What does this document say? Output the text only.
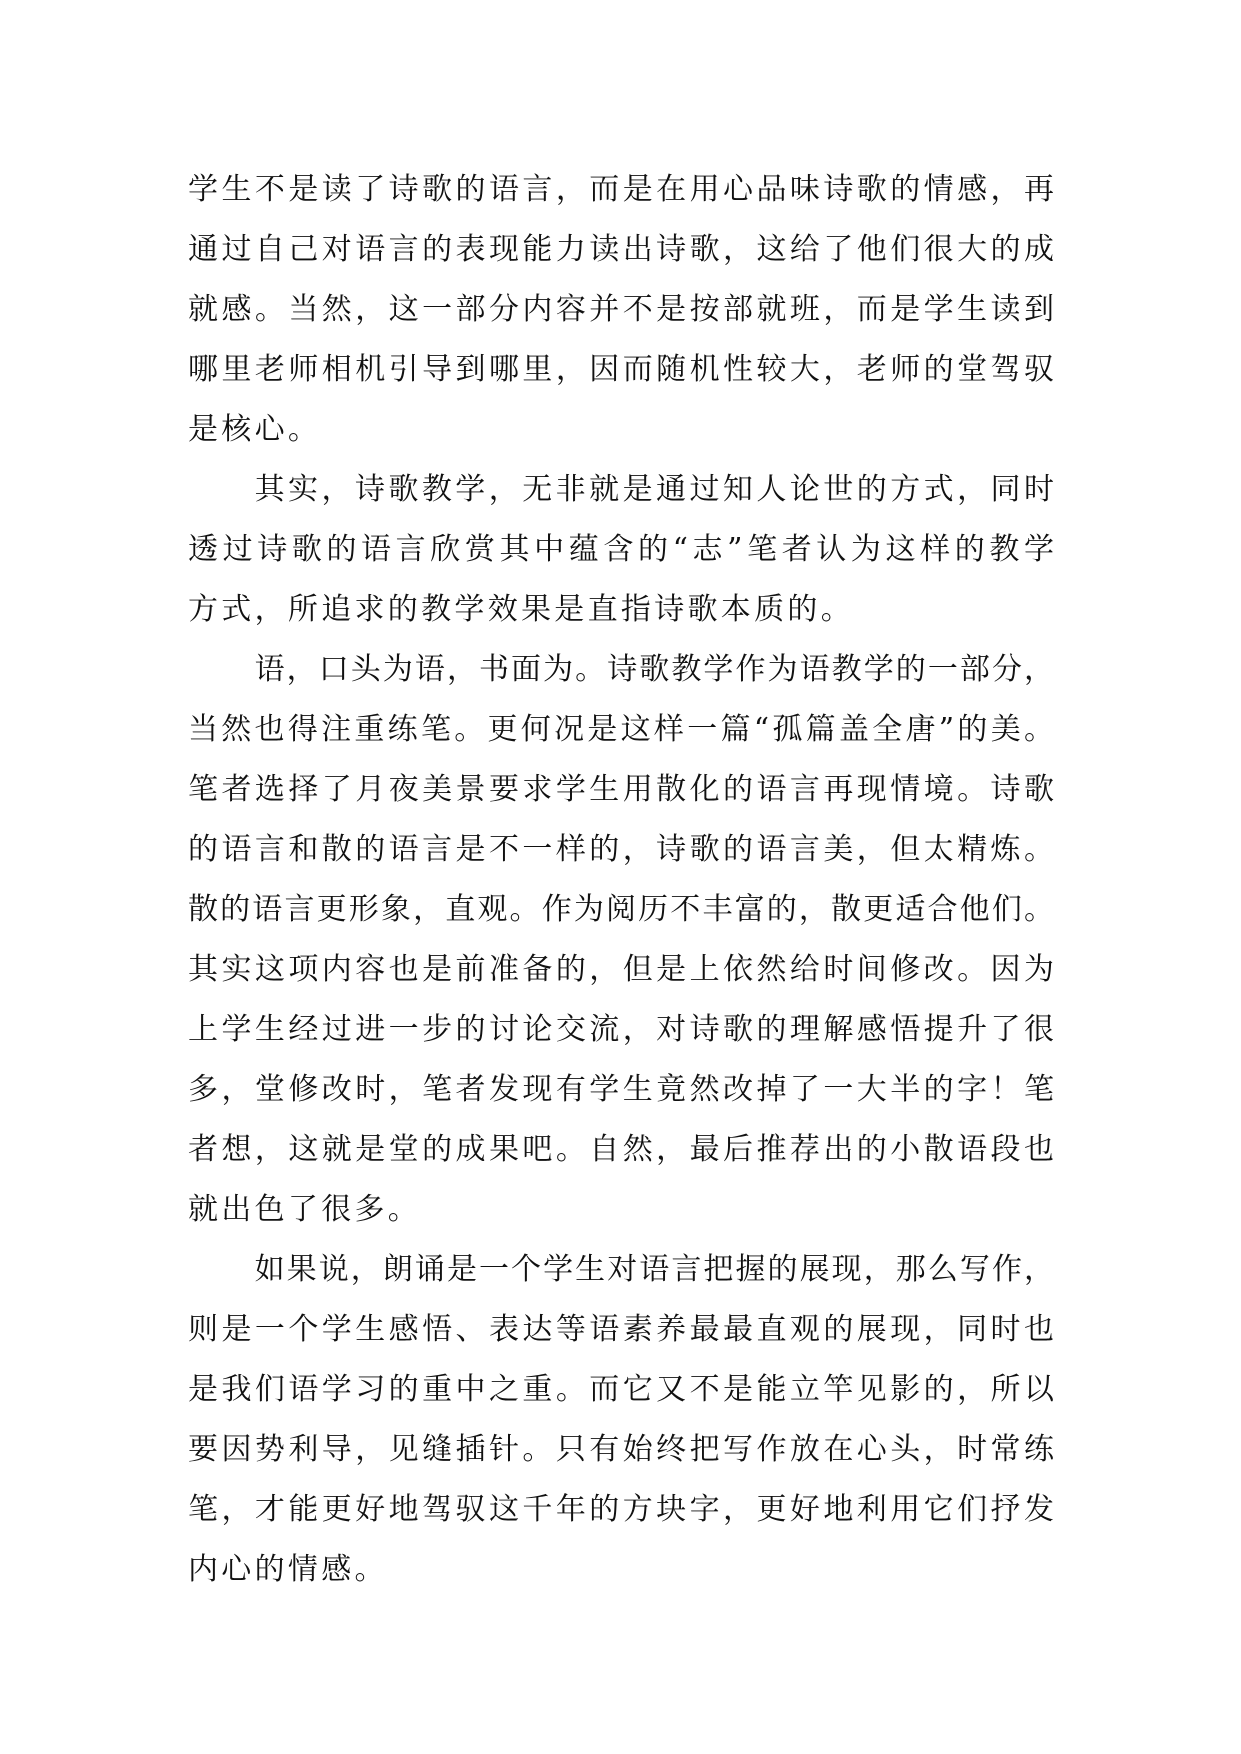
学生不是读了诗歌的语言，而是在用心品味诗歌的情感，再
通过自己对语言的表现能力读出诗歌，这给了他们很大的成
就感。当然，这一部分内容并不是按部就班，而是学生读到
哪里老师相机引导到哪里，因而随机性较大，老师的堂驾驭
是核心。
其实，诗歌教学，无非就是通过知人论世的方式，同时
透过诗歌的语言欣赏其中蕴含的“志”笔者认为这样的教学
方式，所追求的教学效果是直指诗歌本质的。
语，口头为语，书面为。诗歌教学作为语教学的一部分，
当然也得注重练笔。更何况是这样一篇“孤篇盖全唐”的美。
笔者选择了月夜美景要求学生用散化的语言再现情境。诗歌
的语言和散的语言是不一样的，诗歌的语言美，但太精炼。
散的语言更形象，直观。作为阅历不丰富的，散更适合他们。
其实这项内容也是前准备的，但是上依然给时间修改。因为
上学生经过进一步的讨论交流，对诗歌的理解感悟提升了很
多，堂修改时，笔者发现有学生竟然改掉了一大半的字！笔
者想，这就是堂的成果吧。自然，最后推荐出的小散语段也
就出色了很多。
如果说，朗诵是一个学生对语言把握的展现，那么写作，
则是一个学生感悟、表达等语素养最最直观的展现，同时也
是我们语学习的重中之重。而它又不是能立竿见影的，所以
要因势利导，见缝插针。只有始终把写作放在心头，时常练
笔，才能更好地驾驭这千年的方块字，更好地利用它们抒发
内心的情感。
